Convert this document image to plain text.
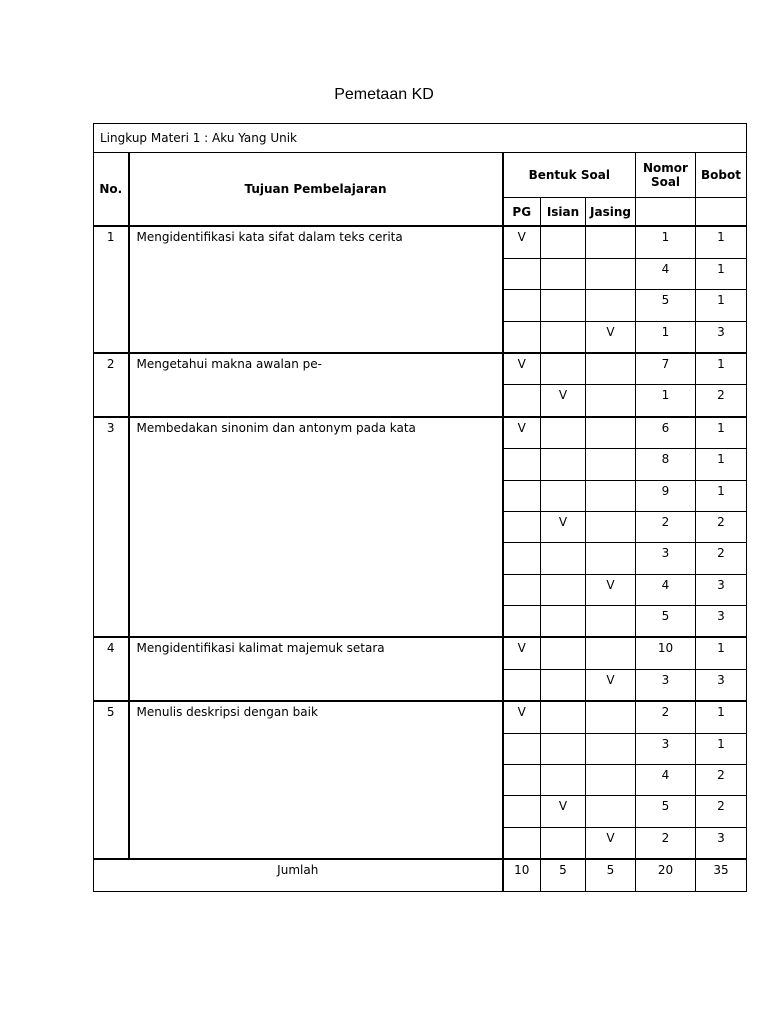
Pemetaan KD
Lingkup Materi 1 : Aku Yang Unik						
No.	Tujuan Pembelajaran	Bentuk Soal			Nomor Soal	Bobot
		PG	Isian	Jasing		
1	Mengidentifikasi kata sifat dalam teks cerita	V			1	1
					4	1
					5	1
				V	1	3
2	Mengetahui makna awalan pe-	V			7	1
			V		1	2
3	Membedakan sinonim dan antonym pada kata	V			6	1
					8	1
					9	1
			V		2	2
					3	2
				V	4	3
					5	3
4	Mengidentifikasi kalimat majemuk setara	V			10	1
				V	3	3
5	Menulis deskripsi dengan baik	V			2	1
					3	1
					4	2
			V		5	2
				V	2	3
Jumlah		10	5	5	20	35
